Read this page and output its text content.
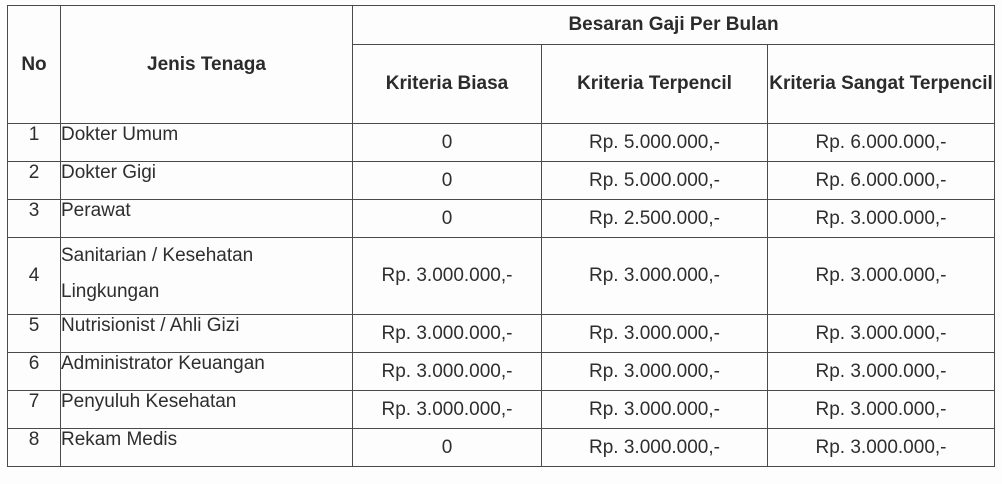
No	Jenis Tenaga	Besaran Gaji Per Bulan		

		Kriteria Biasa	Kriteria Terpencil	Kriteria Sangat Terpencil

1	Dokter Umum	0	Rp. 5.000.000,-	Rp. 6.000.000,-
2	Dokter Gigi	0	Rp. 5.000.000,-	Rp. 6.000.000,-
3	Perawat	0	Rp. 2.500.000,-	Rp. 3.000.000,-
4	Sanitarian / Kesehatan Lingkungan	Rp. 3.000.000,-	Rp. 3.000.000,-	Rp. 3.000.000,-
5	Nutrisionist / Ahli Gizi	Rp. 3.000.000,-	Rp. 3.000.000,-	Rp. 3.000.000,-
6	Administrator Keuangan	Rp. 3.000.000,-	Rp. 3.000.000,-	Rp. 3.000.000,-
7	Penyuluh Kesehatan	Rp. 3.000.000,-	Rp. 3.000.000,-	Rp. 3.000.000,-
8	Rekam Medis	0	Rp. 3.000.000,-	Rp. 3.000.000,-
